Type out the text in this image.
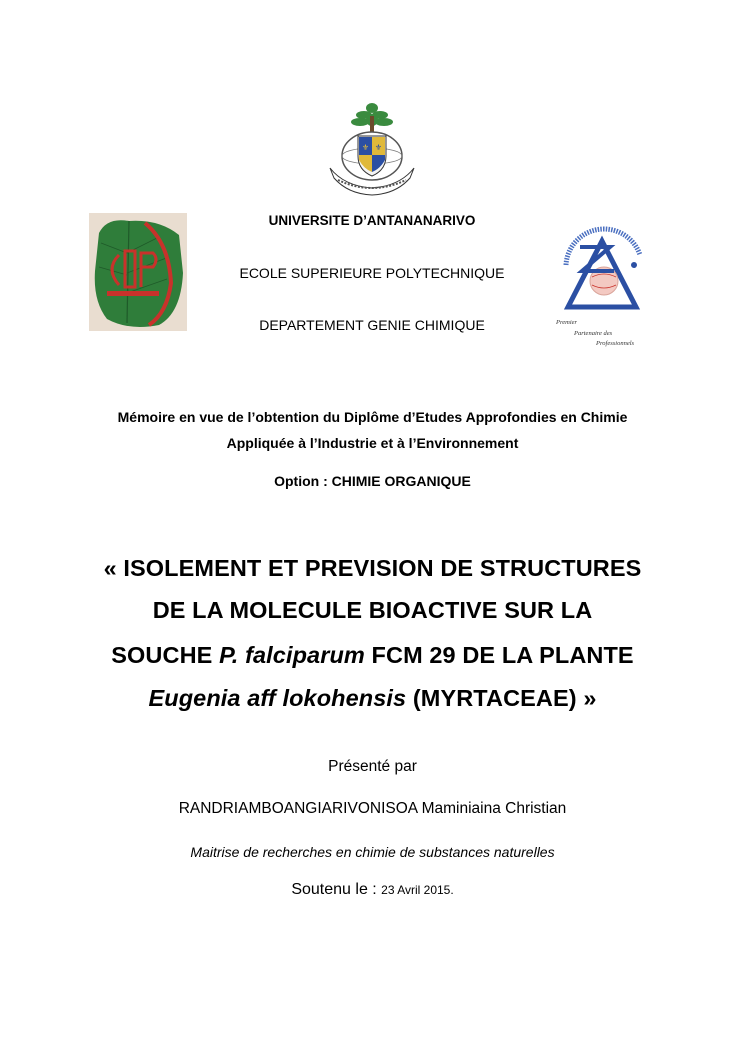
⚜ ⚜
Premier
Partenaire des
Professionnels
UNIVERSITE D’ANTANANARIVO
ECOLE SUPERIEURE POLYTECHNIQUE
DEPARTEMENT GENIE CHIMIQUE
Mémoire en vue de l’obtention du Diplôme d’Etudes Approfondies en Chimie
Appliquée à l’Industrie et à l’Environnement
Option : CHIMIE ORGANIQUE
« ISOLEMENT ET PREVISION DE STRUCTURES
DE LA MOLECULE BIOACTIVE SUR LA
SOUCHE P. falciparum FCM 29 DE LA PLANTE
Eugenia aff lokohensis (MYRTACEAE) »
Présenté par
RANDRIAMBOANGIARIVONISOA Maminiaina Christian
Maitrise de recherches en chimie de substances naturelles
Soutenu le : 23 Avril 2015.
